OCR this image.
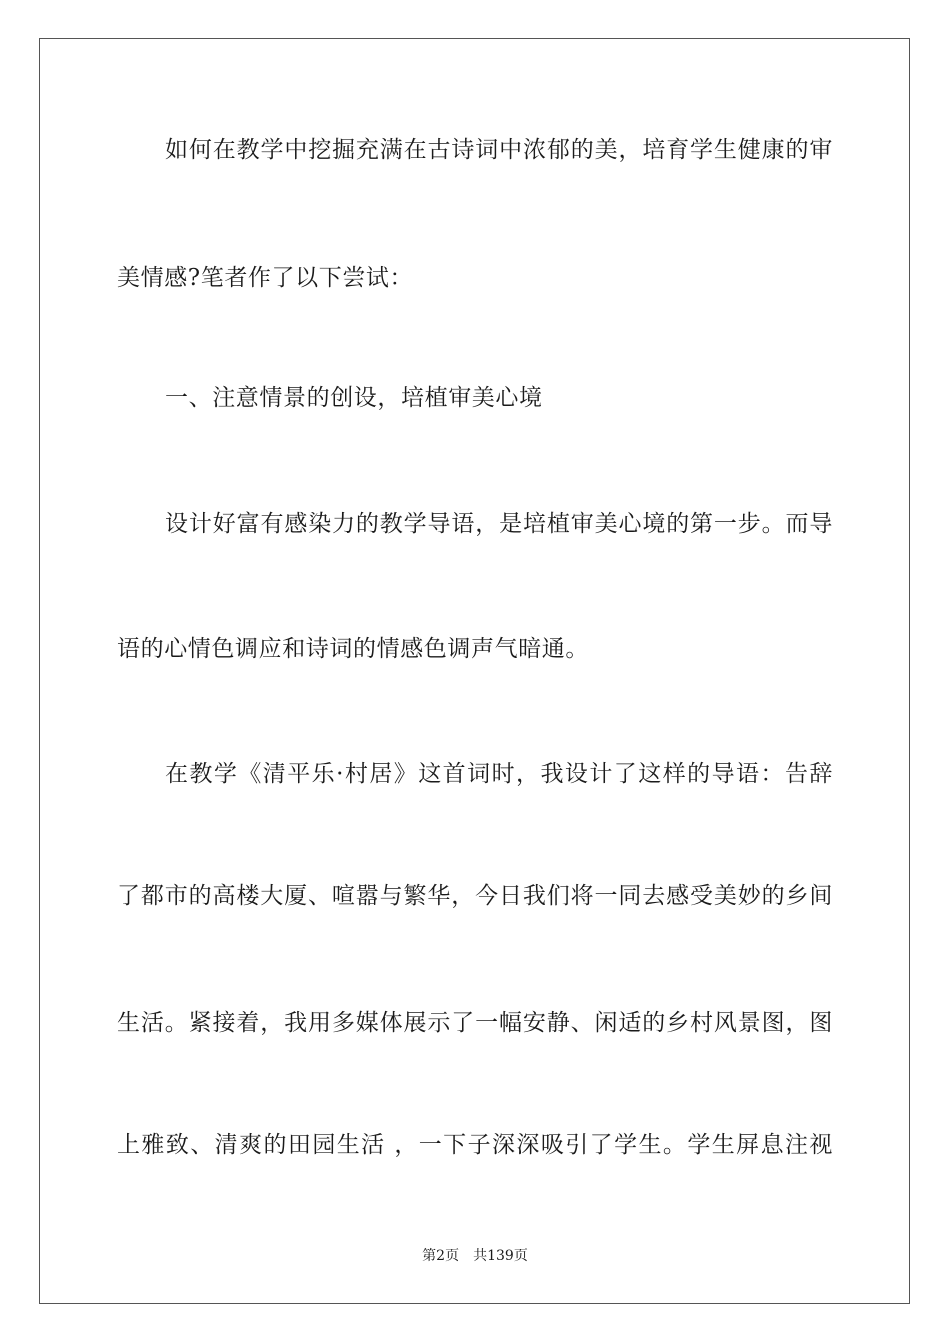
如何在教学中挖掘充满在古诗词中浓郁的美，培育学生健康的审
美情感?笔者作了以下尝试：
一、注意情景的创设，培植审美心境
设计好富有感染力的教学导语，是培植审美心境的第一步。而导
语的心情色调应和诗词的情感色调声气暗通。
在教学《清平乐·村居》这首词时，我设计了这样的导语：告辞
了都市的高楼大厦、喧嚣与繁华，今日我们将一同去感受美妙的乡间
生活。紧接着，我用多媒体展示了一幅安静、闲适的乡村风景图，图
上雅致、清爽的田园生活 ，一下子深深吸引了学生。学生屏息注视
第2页 共139页
